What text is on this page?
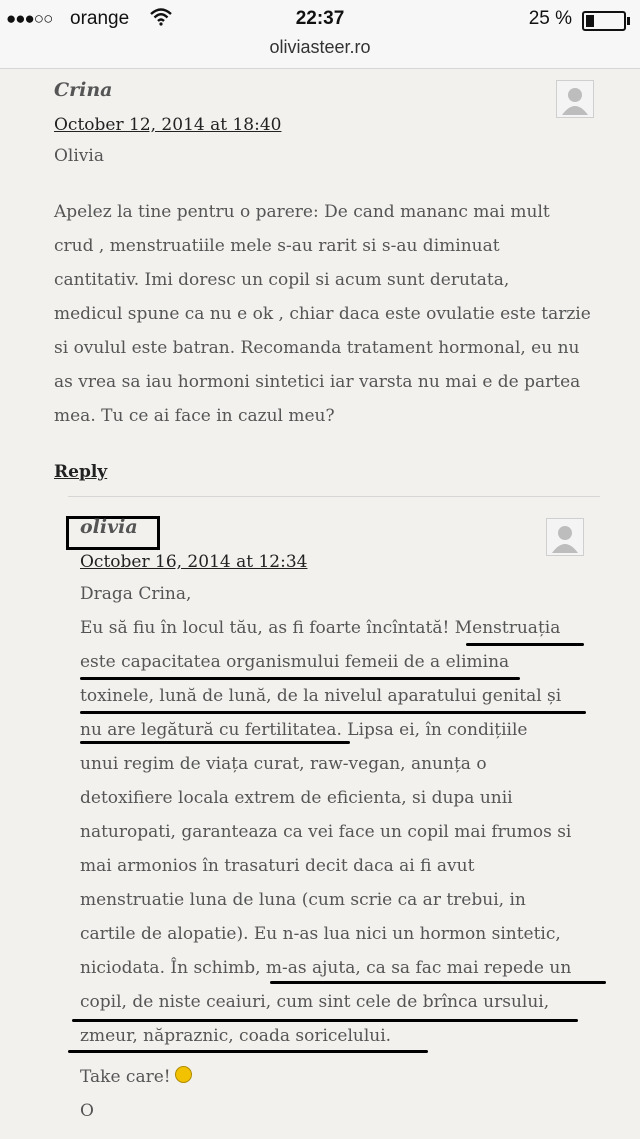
●●●○○ orange	22:37	25 %
oliviasteer.ro
Crina
October 12, 2014 at 18:40
Olivia
Apelez la tine pentru o parere: De cand mananc mai mult
crud , menstruatiile mele s-au rarit si s-au diminuat
cantitativ. Imi doresc un copil si acum sunt derutata,
medicul spune ca nu e ok , chiar daca este ovulatie este tarzie
si ovulul este batran. Recomanda tratament hormonal, eu nu
as vrea sa iau hormoni sintetici iar varsta nu mai e de partea
mea. Tu ce ai face in cazul meu?
Reply
olivia
October 16, 2014 at 12:34
Draga Crina,
Eu să fiu în locul tău, as fi foarte încîntată! Menstruația
este capacitatea organismului femeii de a elimina
toxinele, lună de lună, de la nivelul aparatului genital și
nu are legătură cu fertilitatea. Lipsa ei, în condițiile
unui regim de viața curat, raw-vegan, anunța o
detoxifiere locala extrem de eficienta, si dupa unii
naturopati, garanteaza ca vei face un copil mai frumos si
mai armonios în trasaturi decit daca ai fi avut
menstruatie luna de luna (cum scrie ca ar trebui, in
cartile de alopatie). Eu n-as lua nici un hormon sintetic,
niciodata. În schimb, m-as ajuta, ca sa fac mai repede un
copil, de niste ceaiuri, cum sint cele de brînca ursului,
zmeur, năpraznic, coada soricelului.
Take care!
O
